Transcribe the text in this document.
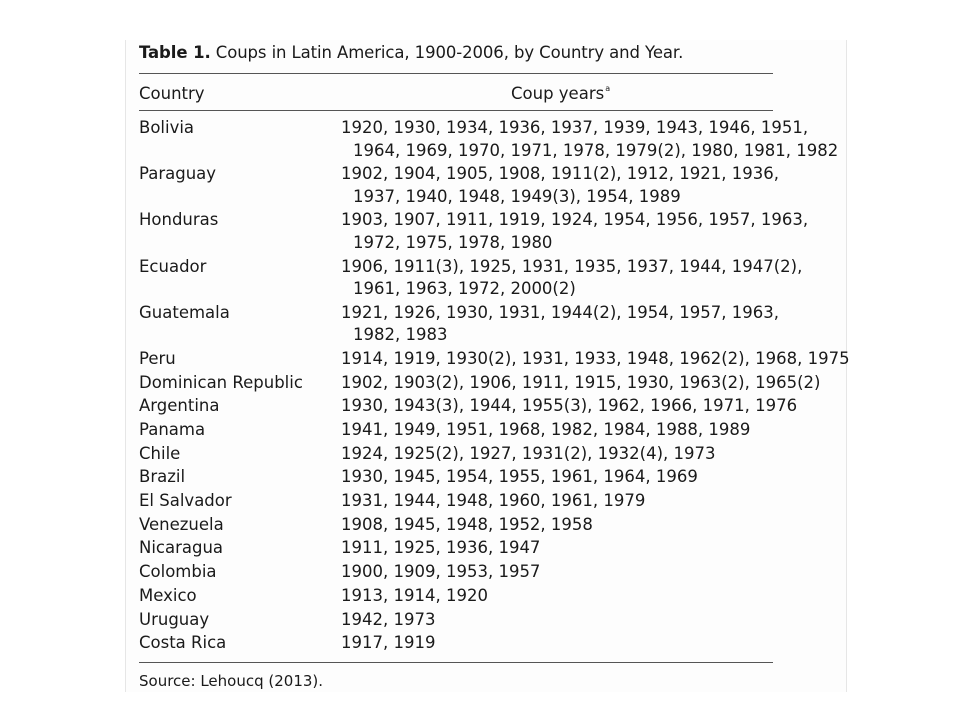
Table 1. Coups in Latin America, 1900-2006, by Country and Year.
Country	Coup years$^a$
Bolivia	1920, 1930, 1934, 1936, 1937, 1939, 1943, 1946, 1951,
1964, 1969, 1970, 1971, 1978, 1979(2), 1980, 1981, 1982
Paraguay	1902, 1904, 1905, 1908, 1911(2), 1912, 1921, 1936,
1937, 1940, 1948, 1949(3), 1954, 1989
Honduras	1903, 1907, 1911, 1919, 1924, 1954, 1956, 1957, 1963,
1972, 1975, 1978, 1980
Ecuador	1906, 1911(3), 1925, 1931, 1935, 1937, 1944, 1947(2),
1961, 1963, 1972, 2000(2)
Guatemala	1921, 1926, 1930, 1931, 1944(2), 1954, 1957, 1963,
1982, 1983
Peru	1914, 1919, 1930(2), 1931, 1933, 1948, 1962(2), 1968, 1975
Dominican Republic 1902, 1903(2), 1906, 1911, 1915, 1930, 1963(2), 1965(2)
Argentina	1930, 1943(3), 1944, 1955(3), 1962, 1966, 1971, 1976
Panama	1941, 1949, 1951, 1968, 1982, 1984, 1988, 1989
Chile	1924, 1925(2), 1927, 1931(2), 1932(4), 1973
Brazil	1930, 1945, 1954, 1955, 1961, 1964, 1969
El Salvador	1931, 1944, 1948, 1960, 1961, 1979
Venezuela	1908, 1945, 1948, 1952, 1958
Nicaragua	1911, 1925, 1936, 1947
Colombia	1900, 1909, 1953, 1957
Mexico	1913, 1914, 1920
Uruguay	1942, 1973
Costa Rica	1917, 1919
Source: Lehoucq (2013).
